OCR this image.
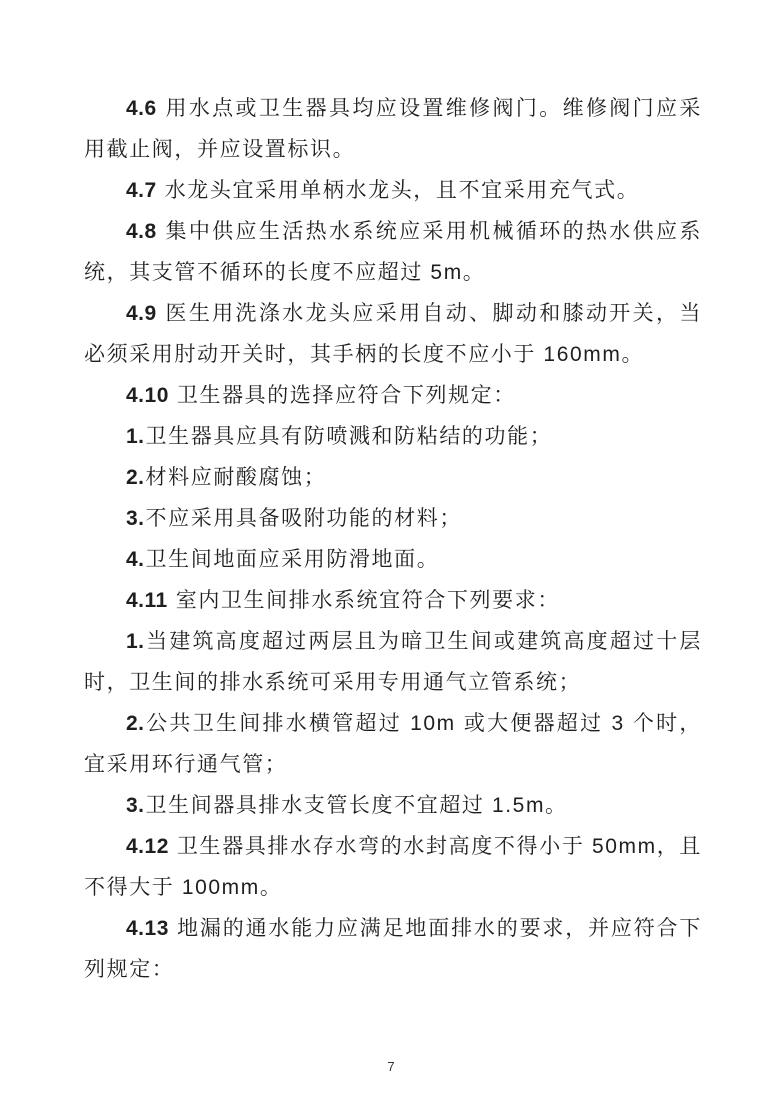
4.6 用水点或卫生器具均应设置维修阀门。维修阀门应采用截止阀，并应设置标识。

4.7 水龙头宜采用单柄水龙头，且不宜采用充气式。

4.8 集中供应生活热水系统应采用机械循环的热水供应系统，其支管不循环的长度不应超过 5m。

4.9 医生用洗涤水龙头应采用自动、脚动和膝动开关，当必须采用肘动开关时，其手柄的长度不应小于 160mm。

4.10 卫生器具的选择应符合下列规定：

1.卫生器具应具有防喷溅和防粘结的功能；

2.材料应耐酸腐蚀；

3.不应采用具备吸附功能的材料；

4.卫生间地面应采用防滑地面。

4.11 室内卫生间排水系统宜符合下列要求：

1.当建筑高度超过两层且为暗卫生间或建筑高度超过十层时，卫生间的排水系统可采用专用通气立管系统；

2.公共卫生间排水横管超过 10m 或大便器超过 3 个时，宜采用环行通气管；

3.卫生间器具排水支管长度不宜超过 1.5m。

4.12 卫生器具排水存水弯的水封高度不得小于 50mm，且不得大于 100mm。

4.13 地漏的通水能力应满足地面排水的要求，并应符合下列规定：

7
